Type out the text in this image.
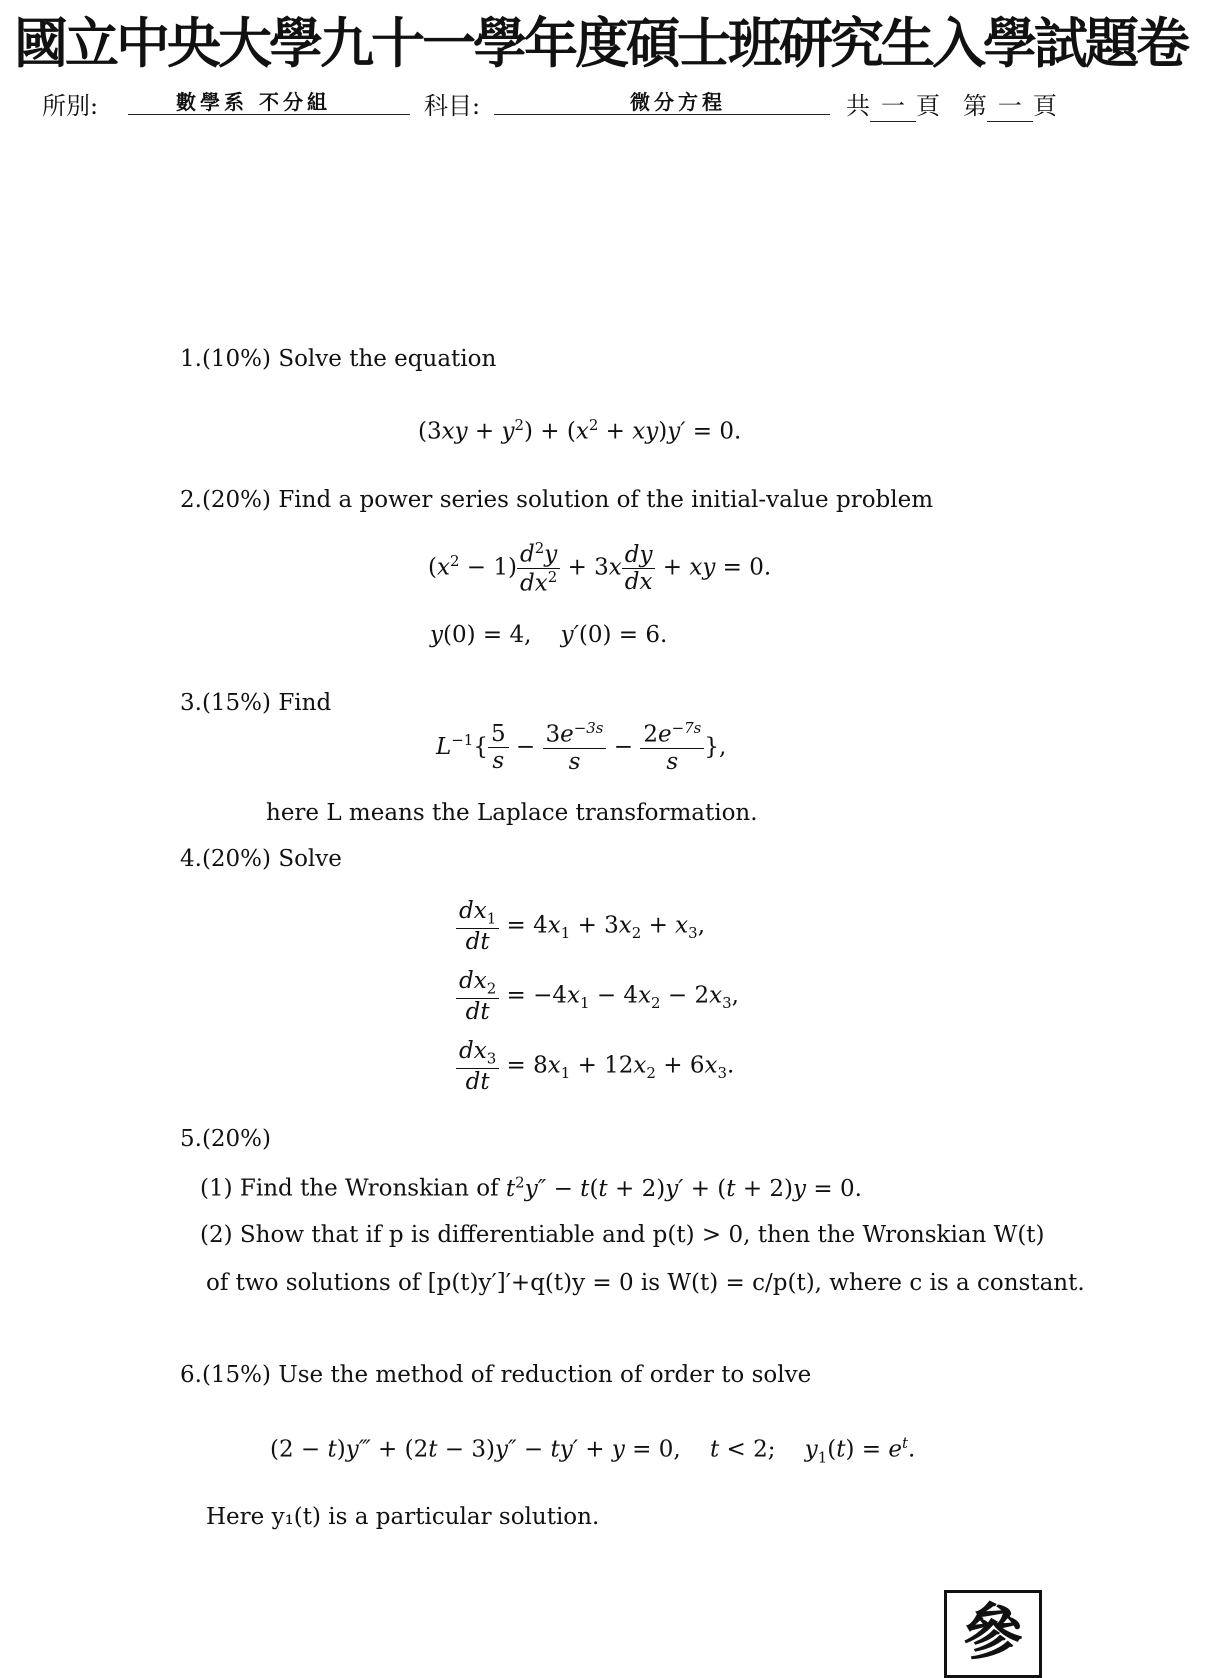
國立中央大學九十一學年度碩士班研究生入學試題卷
所別:	數學系 不分組	科目:	微分方程	共 一 頁 第 一 頁
1.(10%) Solve the equation
$(3xy + y^2) + (x^2 + xy)y' = 0$.
2.(20%) Find a power series solution of the initial-value problem
$(x^2 - 1) \frac{d^2y}{dx^2} + 3x \frac{dy}{dx}$ + xy = 0.
y(0) = 4,    y′(0) = 6.
3.(15%) Find
$L^{-1}\{ \frac{5}{s} - \frac{3e^{-3s}}{s} - \frac{2e^{-7s}}{s}$ },
here L means the Laplace transformation.
4.(20%) Solve
$\frac{dx_1}{dt} = 4x_1 + 3x_2 + x_3$,
$\frac{dx_2}{dt} = -4x_1 - 4x_2 - 2x_3$,
$\frac{dx_3}{dt} = 8x_1 + 12x_2 + 6x_3$.
5.(20%)
(1) Find the Wronskian of $t^2y'' - t(t + 2)y' + (t + 2)y = 0$.
(2) Show that if p is differentiable and p(t) > 0, then the Wronskian W(t)
of two solutions of [p(t)y′]′+q(t)y = 0 is W(t) = c/p(t), where c is a constant.
6.(15%) Use the method of reduction of order to solve
(2 − t)y‴ + (2t − 3)y″ − ty′ + y = 0,    t < 2;    $y_1(t) = e^t$.
Here y₁(t) is a particular solution.
參
